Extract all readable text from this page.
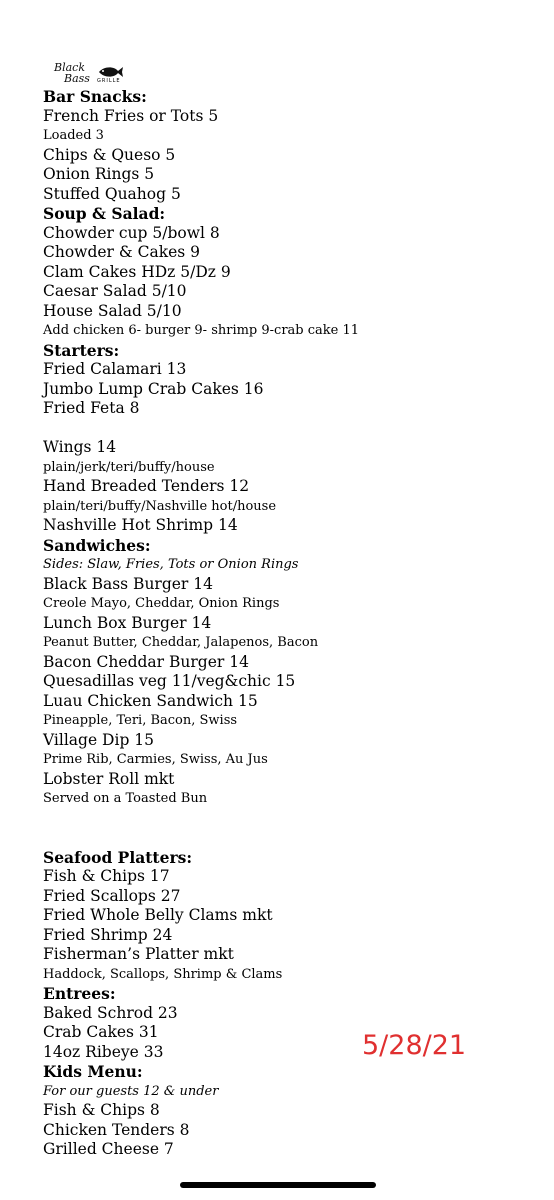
Black
Bass GRILLE
Bar Snacks:
French Fries or Tots 5
Loaded 3
Chips & Queso 5
Onion Rings 5
Stuffed Quahog 5
Soup & Salad:
Chowder cup 5/bowl 8
Chowder & Cakes 9
Clam Cakes HDz 5/Dz 9
Caesar Salad 5/10
House Salad 5/10
Add chicken 6- burger 9- shrimp 9-crab cake 11
Starters:
Fried Calamari 13
Jumbo Lump Crab Cakes 16
Fried Feta 8
Wings 14
plain/jerk/teri/buffy/house
Hand Breaded Tenders 12
plain/teri/buffy/Nashville hot/house
Nashville Hot Shrimp 14
Sandwiches:
Sides: Slaw, Fries, Tots or Onion Rings
Black Bass Burger 14
Creole Mayo, Cheddar, Onion Rings
Lunch Box Burger 14
Peanut Butter, Cheddar, Jalapenos, Bacon
Bacon Cheddar Burger 14
Quesadillas veg 11/veg&chic 15
Luau Chicken Sandwich 15
Pineapple, Teri, Bacon, Swiss
Village Dip 15
Prime Rib, Carmies, Swiss, Au Jus
Lobster Roll mkt
Served on a Toasted Bun
Seafood Platters:
Fish & Chips 17
Fried Scallops 27
Fried Whole Belly Clams mkt
Fried Shrimp 24
Fisherman’s Platter mkt
Haddock, Scallops, Shrimp & Clams
Entrees:
Baked Schrod 23
Crab Cakes 31
14oz Ribeye 33
Kids Menu:
For our guests 12 & under
Fish & Chips 8
Chicken Tenders 8
Grilled Cheese 7
5/28/21
